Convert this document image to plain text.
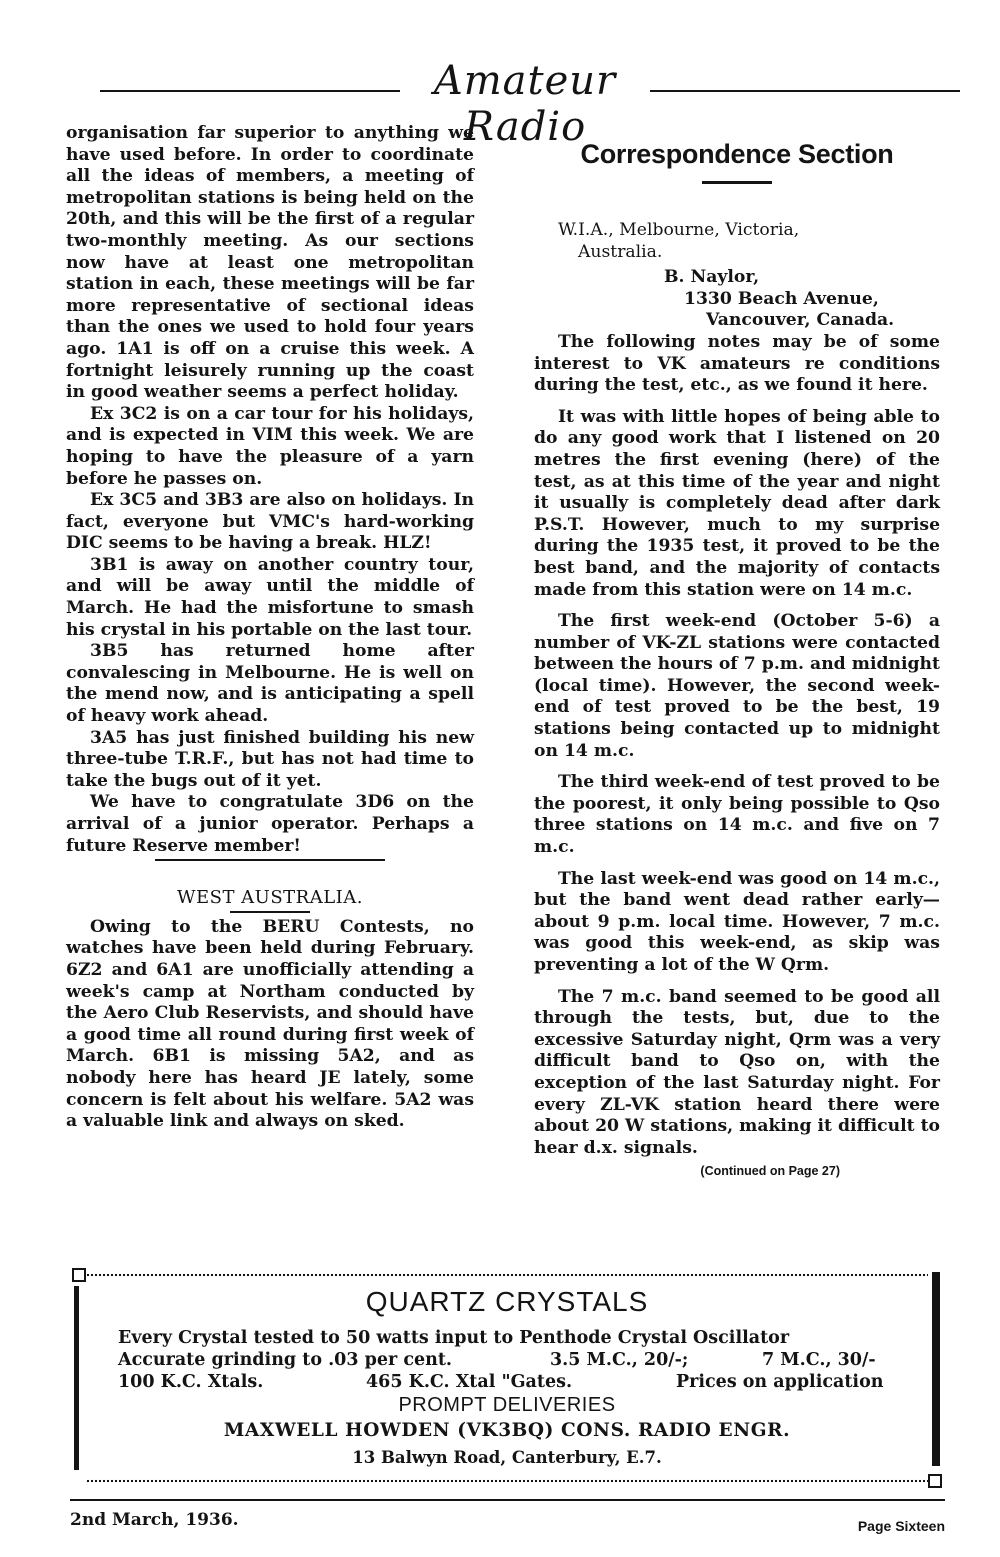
Amateur Radio

organisation far superior to anything we have used before. In order to coordinate all the ideas of members, a meeting of metropolitan stations is being held on the 20th, and this will be the first of a regular two-monthly meeting. As our sections now have at least one metropolitan station in each, these meetings will be far more representative of sectional ideas than the ones we used to hold four years ago. 1A1 is off on a cruise this week. A fortnight leisurely running up the coast in good weather seems a perfect holiday.

Ex 3C2 is on a car tour for his holidays, and is expected in VIM this week. We are hoping to have the pleasure of a yarn before he passes on.

Ex 3C5 and 3B3 are also on holidays. In fact, everyone but VMC's hard-working DIC seems to be having a break. HLZ!

3B1 is away on another country tour, and will be away until the middle of March. He had the misfortune to smash his crystal in his portable on the last tour.

3B5 has returned home after convalescing in Melbourne. He is well on the mend now, and is anticipating a spell of heavy work ahead.

3A5 has just finished building his new three-tube T.R.F., but has not had time to take the bugs out of it yet.

We have to congratulate 3D6 on the arrival of a junior operator. Perhaps a future Reserve member!

WEST AUSTRALIA.

Owing to the BERU Contests, no watches have been held during February. 6Z2 and 6A1 are unofficially attending a week's camp at Northam conducted by the Aero Club Reservists, and should have a good time all round during first week of March. 6B1 is missing 5A2, and as nobody here has heard JE lately, some concern is felt about his welfare. 5A2 was a valuable link and always on sked.

Correspondence Section

W.I.A., Melbourne, Victoria,

Australia.

B. Naylor,

1330 Beach Avenue,

Vancouver, Canada.

The following notes may be of some interest to VK amateurs re conditions during the test, etc., as we found it here.

It was with little hopes of being able to do any good work that I listened on 20 metres the first evening (here) of the test, as at this time of the year and night it usually is completely dead after dark P.S.T. However, much to my surprise during the 1935 test, it proved to be the best band, and the majority of contacts made from this station were on 14 m.c.

The first week-end (October 5-6) a number of VK-ZL stations were contacted between the hours of 7 p.m. and midnight (local time). However, the second week-end of test proved to be the best, 19 stations being contacted up to midnight on 14 m.c.

The third week-end of test proved to be the poorest, it only being possible to Qso three stations on 14 m.c. and five on 7 m.c.

The last week-end was good on 14 m.c., but the band went dead rather early—about 9 p.m. local time. However, 7 m.c. was good this week-end, as skip was preventing a lot of the W Qrm.

The 7 m.c. band seemed to be good all through the tests, but, due to the excessive Saturday night, Qrm was a very difficult band to Qso on, with the exception of the last Saturday night. For every ZL-VK station heard there were about 20 W stations, making it difficult to hear d.x. signals.

(Continued on Page 27)

QUARTZ CRYSTALS
Every Crystal tested to 50 watts input to Penthode Crystal Oscillator
Accurate grinding to .03 per cent.	3.5 M.C., 20/-;	7 M.C., 30/-
100 K.C. Xtals.	465 K.C. Xtal "Gates.	Prices on application
PROMPT DELIVERIES
MAXWELL HOWDEN (VK3BQ) CONS. RADIO ENGR.
13 Balwyn Road, Canterbury, E.7.
2nd March, 1936.	Page Sixteen
